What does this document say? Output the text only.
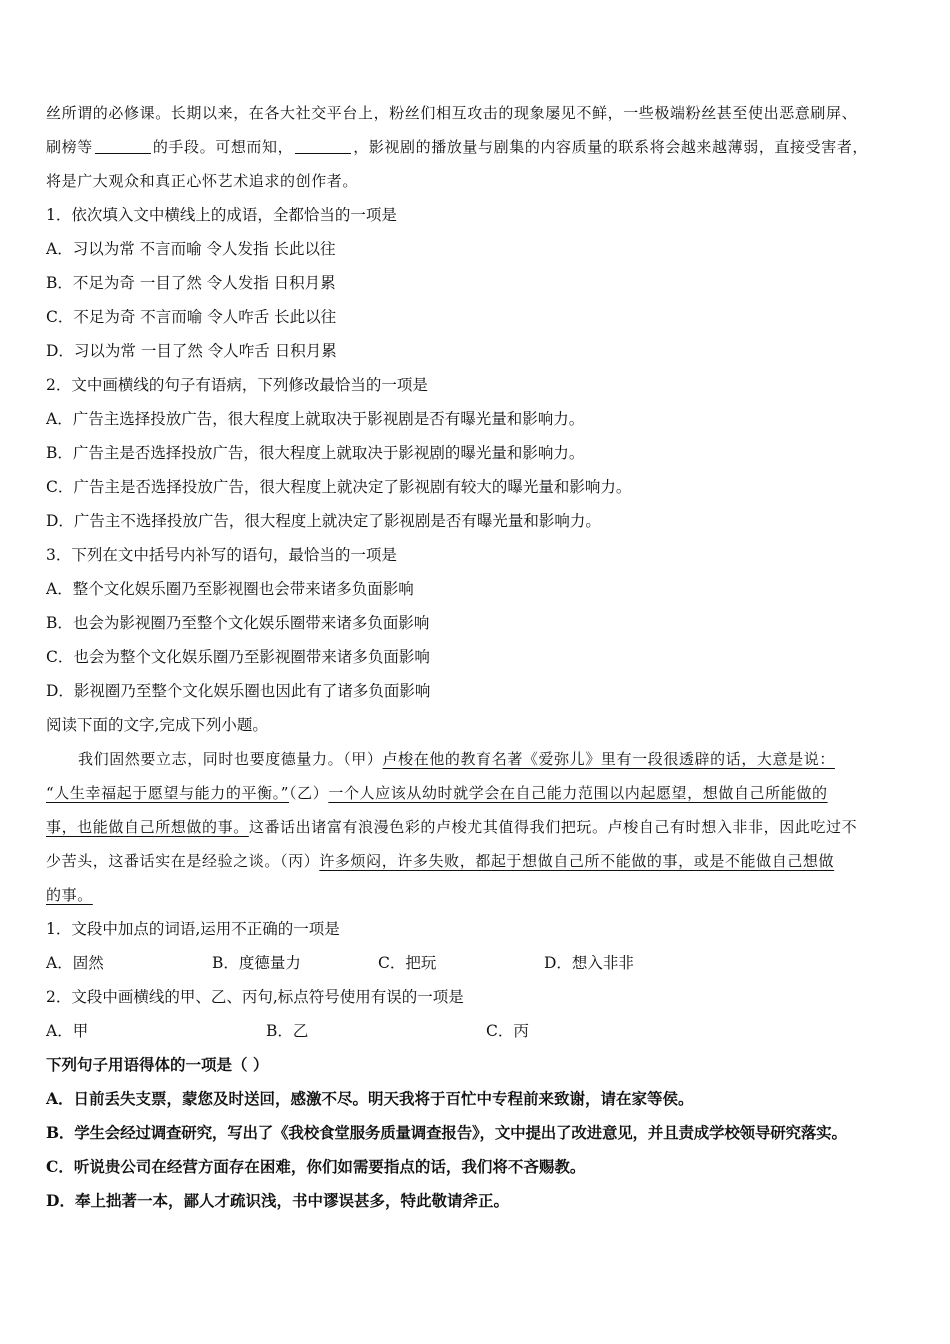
丝所谓的必修课。长期以来，在各大社交平台上，粉丝们相互攻击的现象屡见不鲜，一些极端粉丝甚至使出恶意刷屏、
刷榜等	的手段。可想而知，	，影视剧的播放量与剧集的内容质量的联系将会越来越薄弱，直接受害者，
将是广大观众和真正心怀艺术追求的创作者。
1．依次填入文中横线上的成语，全都恰当的一项是
A．习以为常 不言而喻 令人发指 长此以往
B．不足为奇 一目了然 令人发指 日积月累
C．不足为奇 不言而喻 令人咋舌 长此以往
D．习以为常 一目了然 令人咋舌 日积月累
2．文中画横线的句子有语病，下列修改最恰当的一项是
A．广告主选择投放广告，很大程度上就取决于影视剧是否有曝光量和影响力。
B．广告主是否选择投放广告，很大程度上就取决于影视剧的曝光量和影响力。
C．广告主是否选择投放广告，很大程度上就决定了影视剧有较大的曝光量和影响力。
D．广告主不选择投放广告，很大程度上就决定了影视剧是否有曝光量和影响力。
3．下列在文中括号内补写的语句，最恰当的一项是
A．整个文化娱乐圈乃至影视圈也会带来诸多负面影响
B．也会为影视圈乃至整个文化娱乐圈带来诸多负面影响
C．也会为整个文化娱乐圈乃至影视圈带来诸多负面影响
D．影视圈乃至整个文化娱乐圈也因此有了诸多负面影响
阅读下面的文字,完成下列小题。
我们固然要立志，同时也要度德量力。（甲）卢梭在他的教育名著《爱弥儿》里有一段很透辟的话，大意是说：
“人生幸福起于愿望与能力的平衡。”（乙）一个人应该从幼时就学会在自己能力范围以内起愿望，想做自己所能做的
事，也能做自己所想做的事。这番话出诸富有浪漫色彩的卢梭尤其值得我们把玩。卢梭自己有时想入非非，因此吃过不
少苦头，这番话实在是经验之谈。（丙）许多烦闷，许多失败，都起于想做自己所不能做的事，或是不能做自己想做
的事。
1．文段中加点的词语,运用不正确的一项是
A．固然	B．度德量力	C．把玩	D．想入非非
2．文段中画横线的甲、乙、丙句,标点符号使用有误的一项是
A．甲	B．乙	C．丙
下列句子用语得体的一项是（ ）
A．日前丢失支票，蒙您及时送回，感激不尽。明天我将于百忙中专程前来致谢，请在家等侯。
B．学生会经过调查研究，写出了《我校食堂服务质量调查报告》，文中提出了改进意见，并且责成学校领导研究落实。
C．听说贵公司在经营方面存在困难，你们如需要指点的话，我们将不吝赐教。
D．奉上拙著一本，鄙人才疏识浅，书中谬误甚多，特此敬请斧正。
